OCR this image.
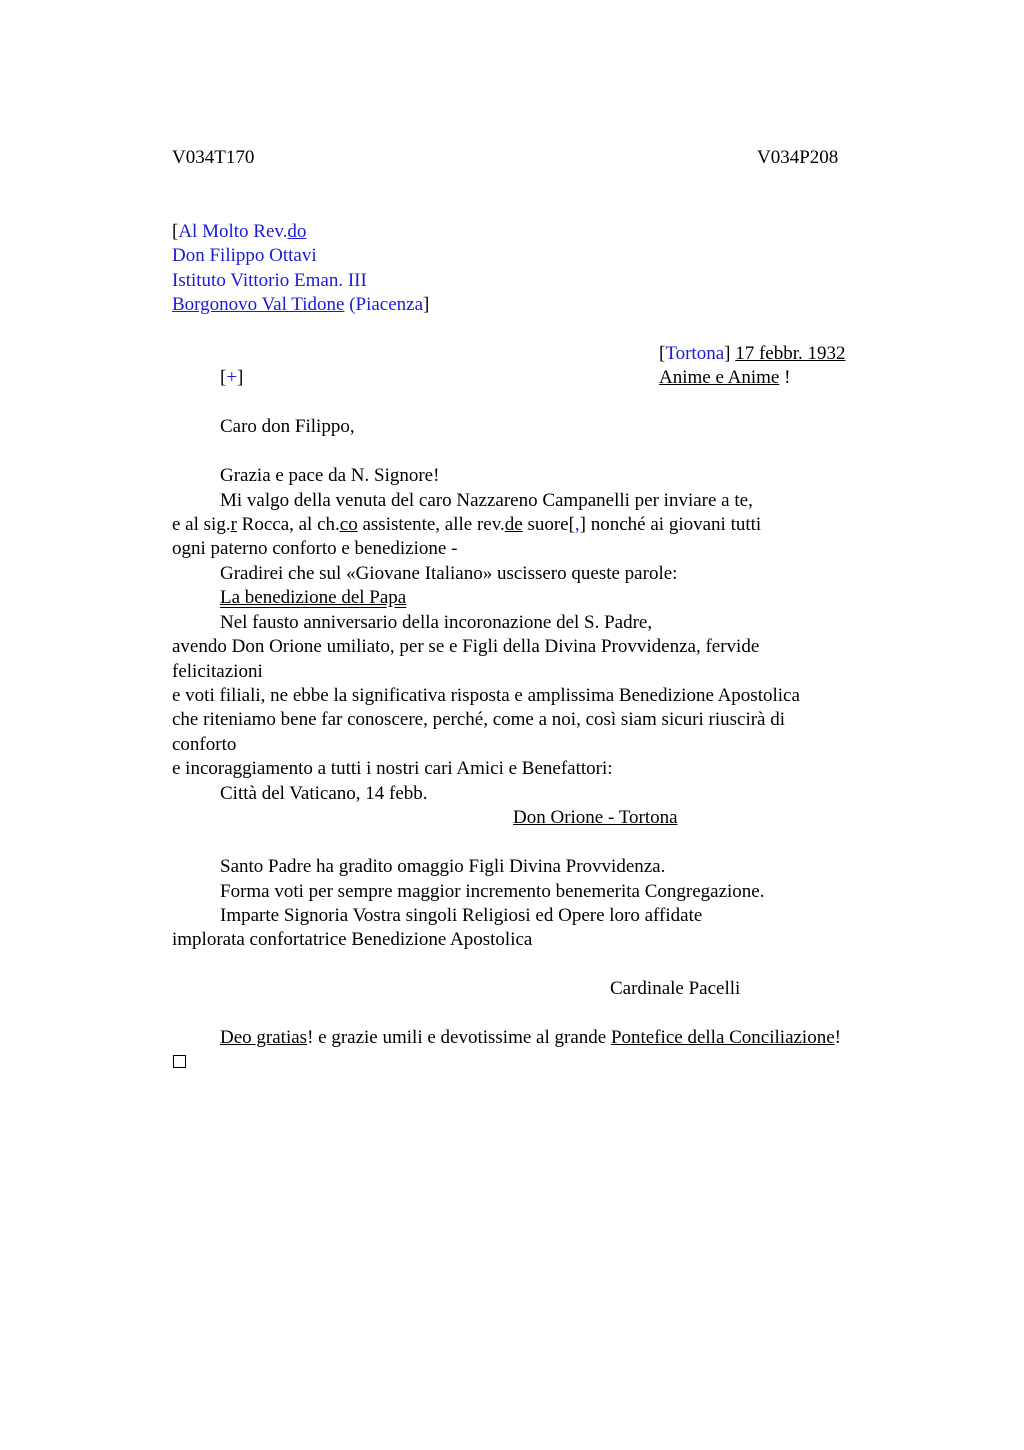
V034T170	V034P208
[Al Molto Rev.do
Don Filippo Ottavi
Istituto Vittorio Eman. III
Borgonovo Val Tidone (Piacenza]
[Tortona] 17 febbr. 1932
Anime e Anime !
[+]
Caro don Filippo,
Grazia e pace da N. Signore!
Mi valgo della venuta del caro Nazzareno Campanelli per inviare a te,
e al sig.r Rocca, al ch.co assistente, alle rev.de suore[,] nonché ai giovani tutti
ogni paterno conforto e benedizione -
Gradirei che sul «Giovane Italiano» uscissero queste parole:
La benedizione del Papa
Nel fausto anniversario della incoronazione del S. Padre,
avendo Don Orione umiliato, per se e Figli della Divina Provvidenza, fervide
felicitazioni
e voti filiali, ne ebbe la significativa risposta e amplissima Benedizione Apostolica
che riteniamo bene far conoscere, perché, come a noi, così siam sicuri riuscirà di
conforto
e incoraggiamento a tutti i nostri cari Amici e Benefattori:
Città del Vaticano, 14 febb.
Don Orione - Tortona
Santo Padre ha gradito omaggio Figli Divina Provvidenza.
Forma voti per sempre maggior incremento benemerita Congregazione.
Imparte Signoria Vostra singoli Religiosi ed Opere loro affidate
implorata confortatrice Benedizione Apostolica
Cardinale Pacelli
Deo gratias! e grazie umili e devotissime al grande Pontefice della Conciliazione!
